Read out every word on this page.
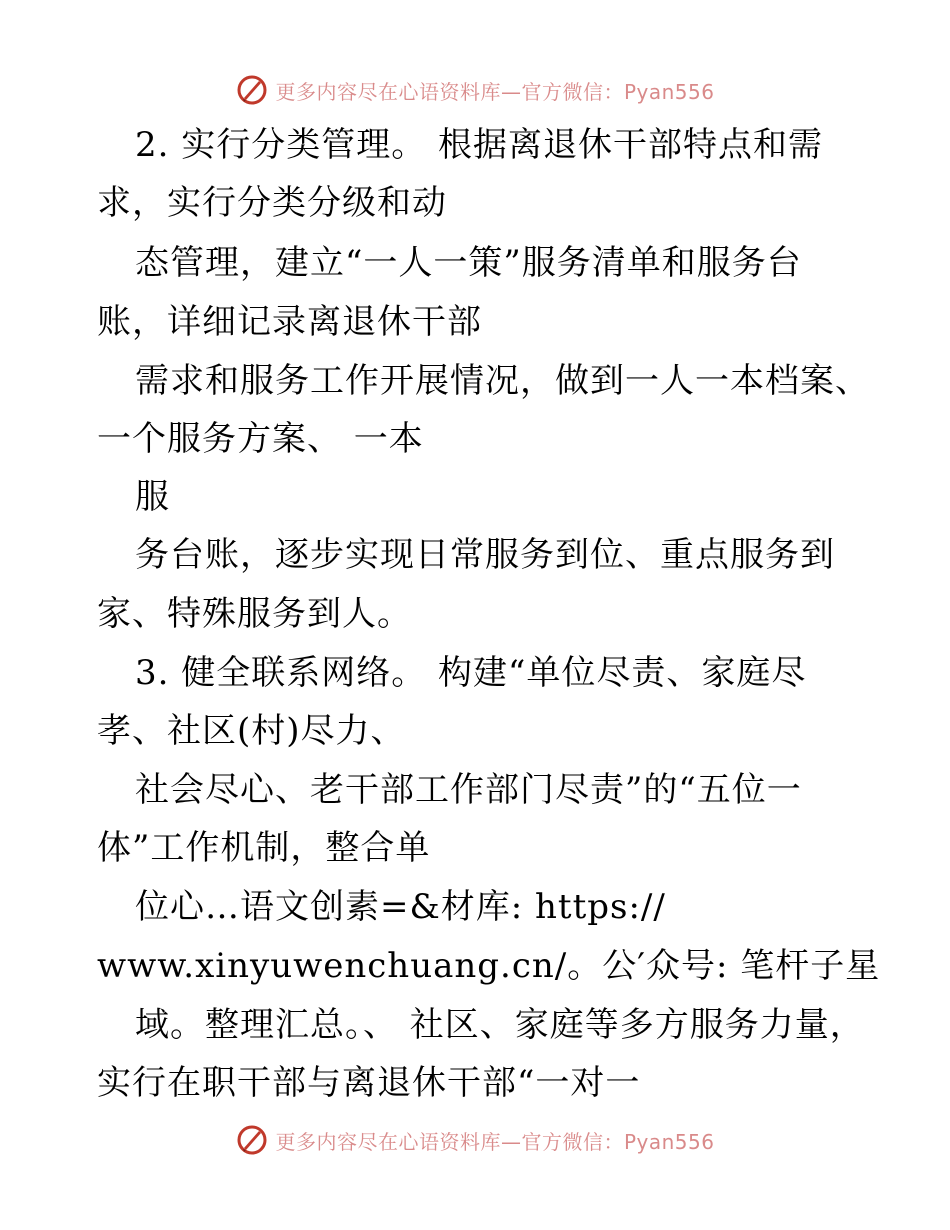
更多内容尽在心语资料库—官方微信：Pyan556
2. 实行分类管理。 根据离退休干部特点和需
求，实行分类分级和动
态管理，建立“一人一策”服务清单和服务台
账，详细记录离退休干部
需求和服务工作开展情况，做到一人一本档案、
一个服务方案、 一本
服
务台账，逐步实现日常服务到位、重点服务到
家、特殊服务到人。
3. 健全联系网络。 构建“单位尽责、家庭尽
孝、社区(村)尽力、
社会尽心、老干部工作部门尽责”的“五位一
体”工作机制，整合单
位心…语文创素=&材库: https://
www.xinyuwenchuang.cn/。公′众号: 笔杆子星
域。整理汇总。、 社区、家庭等多方服务力量，
实行在职干部与离退休干部“一对一
更多内容尽在心语资料库—官方微信：Pyan556
